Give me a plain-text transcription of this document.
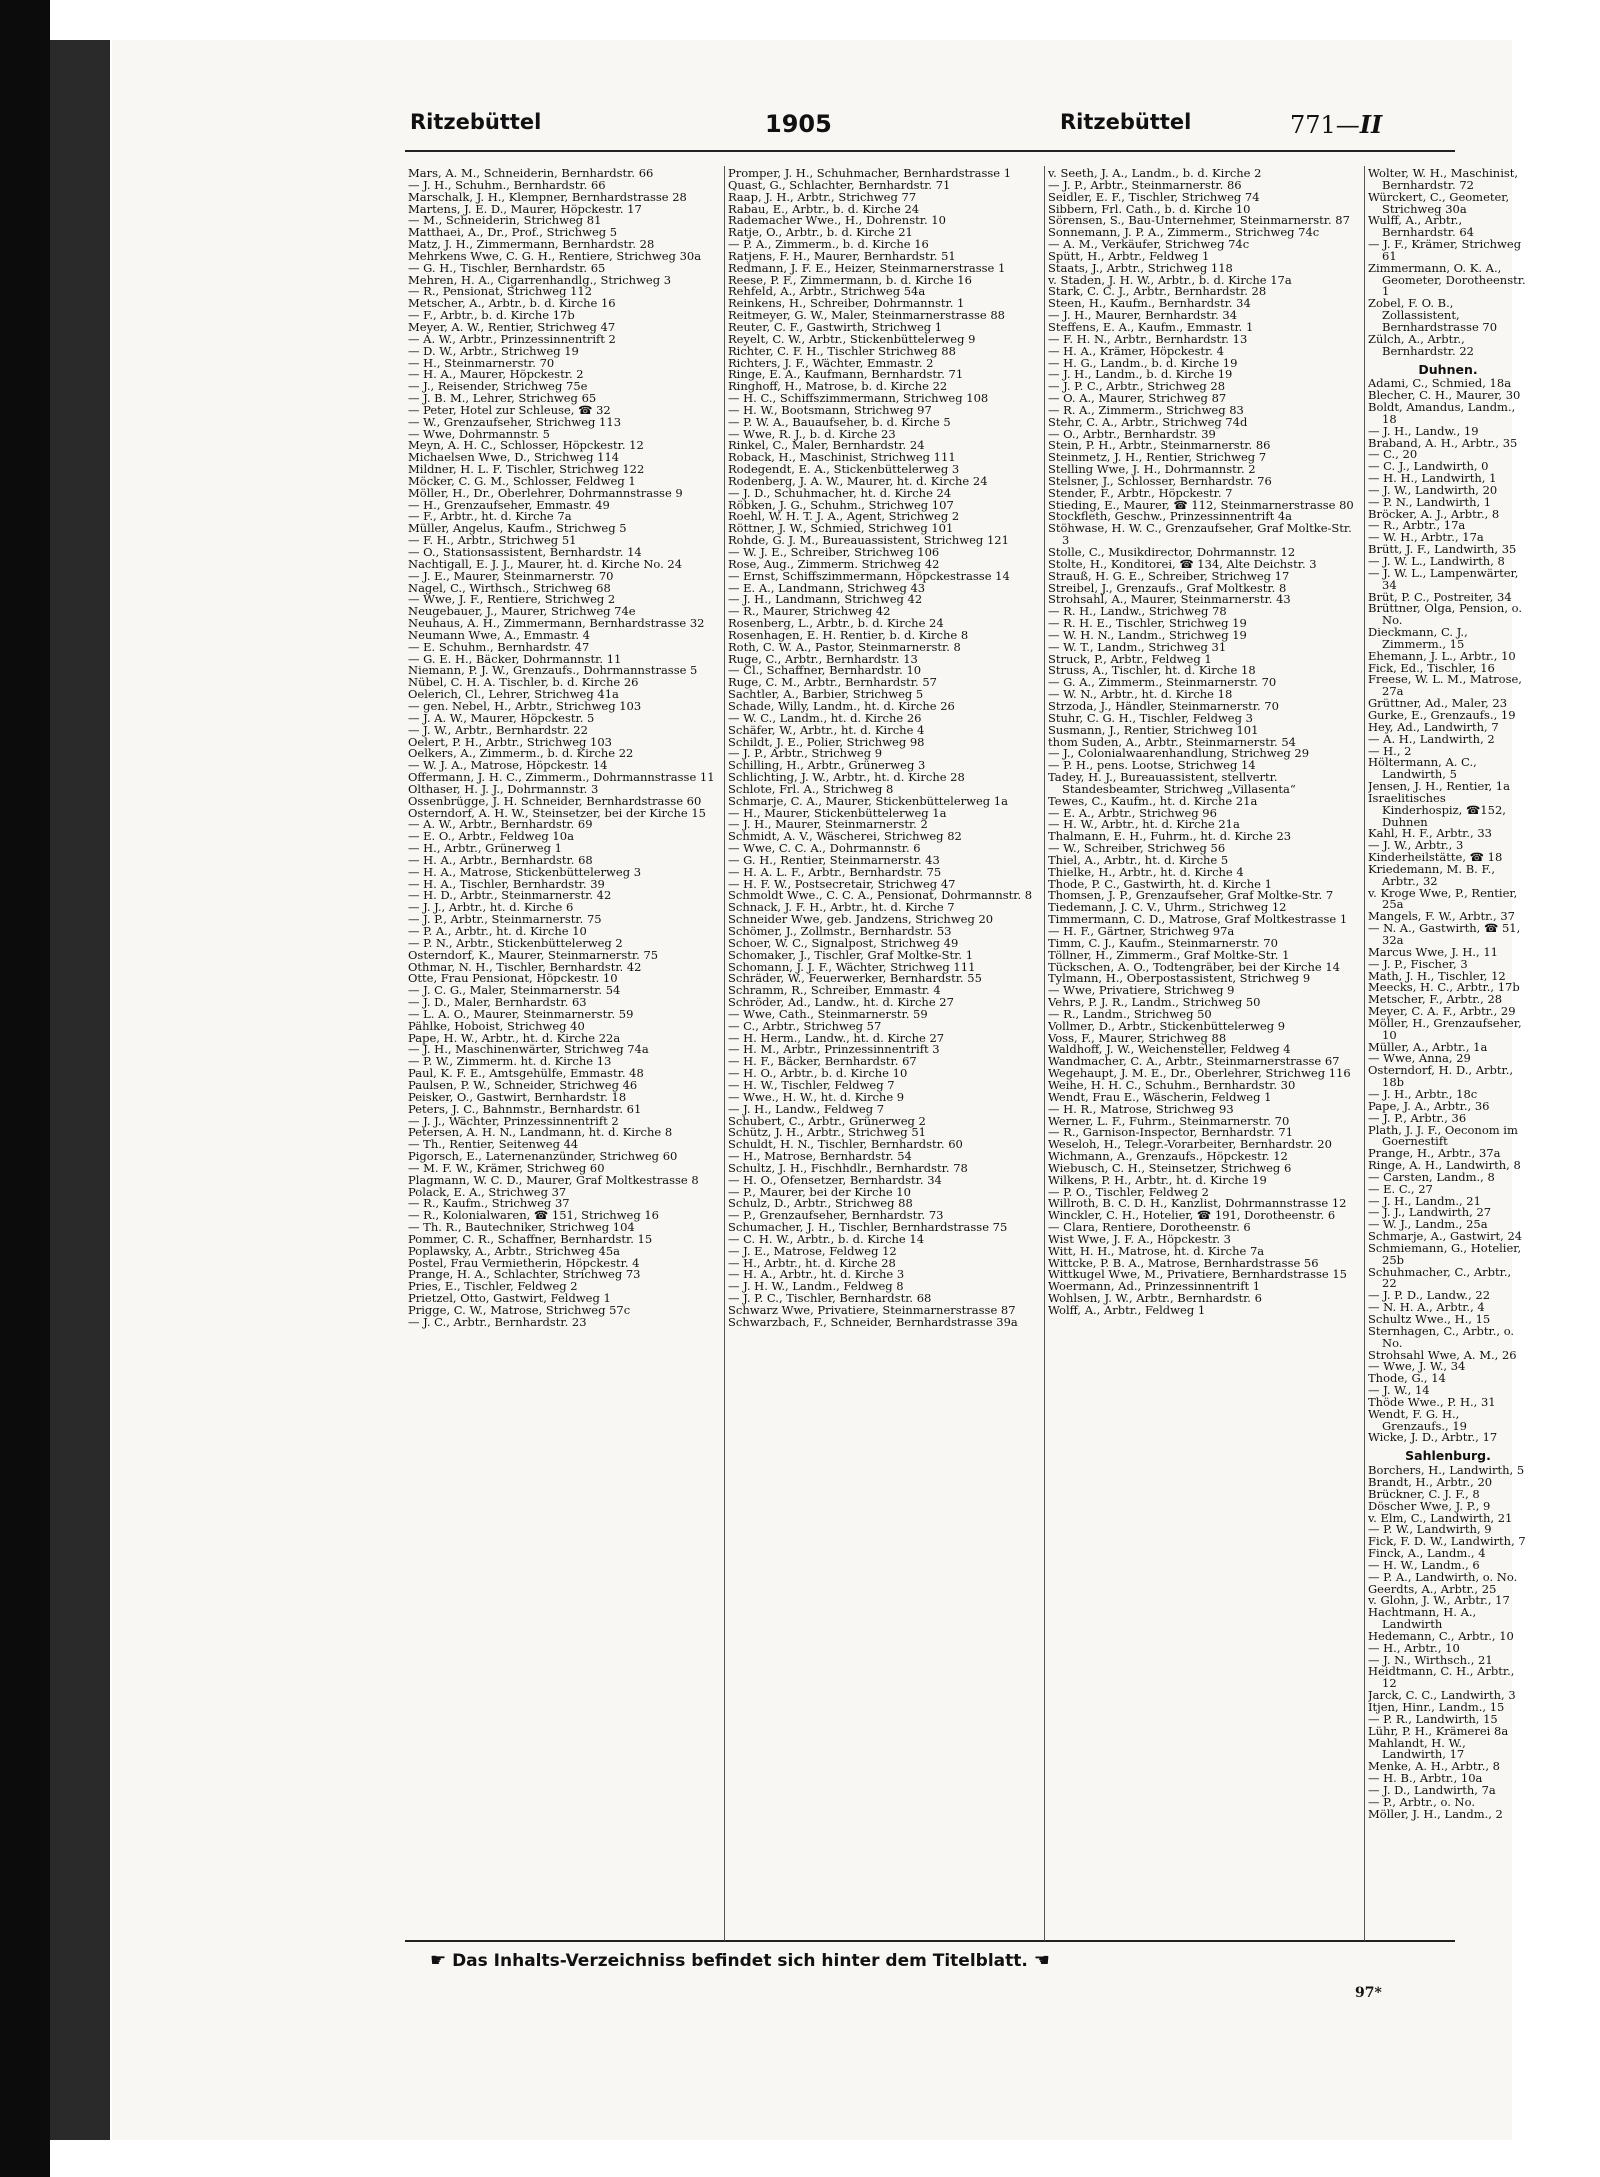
Ritzebüttel	1905	Ritzebüttel	771—II
Mars, A. M., Schneiderin, Bernhardstr. 66
— J. H., Schuhm., Bernhardstr. 66
Marschalk, J. H., Klempner, Bernhardstrasse 28
Martens, J. E. D., Maurer, Höpckestr. 17
— M., Schneiderin, Strichweg 81
Matthaei, A., Dr., Prof., Strichweg 5
Matz, J. H., Zimmermann, Bernhardstr. 28
Mehrkens Wwe, C. G. H., Rentiere, Strichweg 30a
— G. H., Tischler, Bernhardstr. 65
Mehren, H. A., Cigarrenhandlg., Strichweg 3
— R., Pensionat, Strichweg 112
Metscher, A., Arbtr., b. d. Kirche 16
— F., Arbtr., b. d. Kirche 17b
Meyer, A. W., Rentier, Strichweg 47
— A. W., Arbtr., Prinzessinnentrift 2
— D. W., Arbtr., Strichweg 19
— H., Steinmarnerstr. 70
— H. A., Maurer, Höpckestr. 2
— J., Reisender, Strichweg 75e
— J. B. M., Lehrer, Strichweg 65
— Peter, Hotel zur Schleuse, ☎ 32
— W., Grenzaufseher, Strichweg 113
— Wwe, Dohrmannstr. 5
Meyn, A. H. C., Schlosser, Höpckestr. 12
Michaelsen Wwe, D., Strichweg 114
Mildner, H. L. F. Tischler, Strichweg 122
Möcker, C. G. M., Schlosser, Feldweg 1
Möller, H., Dr., Oberlehrer, Dohrmannstrasse 9
— H., Grenzaufseher, Emmastr. 49
— F., Arbtr., ht. d. Kirche 7a
Müller, Angelus, Kaufm., Strichweg 5
— F. H., Arbtr., Strichweg 51
— O., Stationsassistent, Bernhardstr. 14
Nachtigall, E. J. J., Maurer, ht. d. Kirche No. 24
— J. E., Maurer, Steinmarnerstr. 70
Nagel, C., Wirthsch., Strichweg 68
— Wwe, J. F., Rentiere, Strichweg 2
Neugebauer, J., Maurer, Strichweg 74e
Neuhaus, A. H., Zimmermann, Bernhardstrasse 32
Neumann Wwe, A., Emmastr. 4
— E. Schuhm., Bernhardstr. 47
— G. E. H., Bäcker, Dohrmannstr. 11
Niemann, P. J. W., Grenzaufs., Dohrmannstrasse 5
Nübel, C. H. A. Tischler, b. d. Kirche 26
Oelerich, Cl., Lehrer, Strichweg 41a
— gen. Nebel, H., Arbtr., Strichweg 103
— J. A. W., Maurer, Höpckestr. 5
— J. W., Arbtr., Bernhardstr. 22
Oelert, P. H., Arbtr., Strichweg 103
Oelkers, A., Zimmerm., b. d. Kirche 22
— W. J. A., Matrose, Höpckestr. 14
Offermann, J. H. C., Zimmerm., Dohrmannstrasse 11
Olthaser, H. J. J., Dohrmannstr. 3
Ossenbrügge, J. H. Schneider, Bernhardstrasse 60
Osterndorf, A. H. W., Steinsetzer, bei der Kirche 15
— A. W., Arbtr., Bernhardstr. 69
— E. O., Arbtr., Feldweg 10a
— H., Arbtr., Grünerweg 1
— H. A., Arbtr., Bernhardstr. 68
— H. A., Matrose, Stickenbüttelerweg 3
— H. A., Tischler, Bernhardstr. 39
— H. D., Arbtr., Steinmarnerstr. 42
— J. J., Arbtr., ht. d. Kirche 6
— J. P., Arbtr., Steinmarnerstr. 75
— P. A., Arbtr., ht. d. Kirche 10
— P. N., Arbtr., Stickenbüttelerweg 2
Osterndorf, K., Maurer, Steinmarnerstr. 75
Othmar, N. H., Tischler, Bernhardstr. 42
Otte, Frau Pensionat, Höpckestr. 10
— J. C. G., Maler, Steinmarnerstr. 54
— J. D., Maler, Bernhardstr. 63
— L. A. O., Maurer, Steinmarnerstr. 59
Pählke, Hoboist, Strichweg 40
Pape, H. W., Arbtr., ht. d. Kirche 22a
— J. H., Maschinenwärter, Strichweg 74a
— P. W., Zimmerm. ht. d. Kirche 13
Paul, K. F. E., Amtsgehülfe, Emmastr. 48
Paulsen, P. W., Schneider, Strichweg 46
Peisker, O., Gastwirt, Bernhardstr. 18
Peters, J. C., Bahnmstr., Bernhardstr. 61
— J. J., Wächter, Prinzessinnentrift 2
Petersen, A. H. N., Landmann, ht. d. Kirche 8
— Th., Rentier, Seitenweg 44
Pigorsch, E., Laternenanzünder, Strichweg 60
— M. F. W., Krämer, Strichweg 60
Plagmann, W. C. D., Maurer, Graf Moltkestrasse 8
Polack, E. A., Strichweg 37
— R., Kaufm., Strichweg 37
— R., Kolonialwaren, ☎ 151, Strichweg 16
— Th. R., Bautechniker, Strichweg 104
Pommer, C. R., Schaffner, Bernhardstr. 15
Poplawsky, A., Arbtr., Strichweg 45a
Postel, Frau Vermietherin, Höpckestr. 4
Prange, H. A., Schlachter, Strichweg 73
Pries, E., Tischler, Feldweg 2
Prietzel, Otto, Gastwirt, Feldweg 1
Prigge, C. W., Matrose, Strichweg 57c
— J. C., Arbtr., Bernhardstr. 23
Promper, J. H., Schuhmacher, Bernhardstrasse 1
Quast, G., Schlachter, Bernhardstr. 71
Raap, J. H., Arbtr., Strichweg 77
Rabau, E., Arbtr., b. d. Kirche 24
Rademacher Wwe., H., Dohrenstr. 10
Ratje, O., Arbtr., b. d. Kirche 21
— P. A., Zimmerm., b. d. Kirche 16
Ratjens, F. H., Maurer, Bernhardstr. 51
Redmann, J. F. E., Heizer, Steinmarnerstrasse 1
Reese, P. F., Zimmermann, b. d. Kirche 16
Rehfeld, A., Arbtr., Strichweg 54a
Reinkens, H., Schreiber, Dohrmannstr. 1
Reitmeyer, G. W., Maler, Steinmarnerstrasse 88
Reuter, C. F., Gastwirth, Strichweg 1
Reyelt, C. W., Arbtr., Stickenbüttelerweg 9
Richter, C. F. H., Tischler Strichweg 88
Richters, J. F., Wächter, Emmastr. 2
Ringe, E. A., Kaufmann, Bernhardstr. 71
Ringhoff, H., Matrose, b. d. Kirche 22
— H. C., Schiffszimmermann, Strichweg 108
— H. W., Bootsmann, Strichweg 97
— P. W. A., Bauaufseher, b. d. Kirche 5
— Wwe, R. J., b. d. Kirche 23
Rinkel, C., Maler, Bernhardstr. 24
Roback, H., Maschinist, Strichweg 111
Rodegendt, E. A., Stickenbüttelerweg 3
Rodenberg, J. A. W., Maurer, ht. d. Kirche 24
— J. D., Schuhmacher, ht. d. Kirche 24
Röbken, J. G., Schuhm., Strichweg 107
Roehl, W. H. T. J. A., Agent, Strichweg 2
Röttner, J. W., Schmied, Strichweg 101
Rohde, G. J. M., Bureauassistent, Strichweg 121
— W. J. E., Schreiber, Strichweg 106
Rose, Aug., Zimmerm. Strichweg 42
— Ernst, Schiffszimmermann, Höpckestrasse 14
— E. A., Landmann, Strichweg 43
— J. H., Landmann, Strichweg 42
— R., Maurer, Strichweg 42
Rosenberg, L., Arbtr., b. d. Kirche 24
Rosenhagen, E. H. Rentier, b. d. Kirche 8
Roth, C. W. A., Pastor, Steinmarnerstr. 8
Ruge, C., Arbtr., Bernhardstr. 13
— Cl., Schaffner, Bernhardstr. 10
Ruge, C. M., Arbtr., Bernhardstr. 57
Sachtler, A., Barbier, Strichweg 5
Schade, Willy, Landm., ht. d. Kirche 26
— W. C., Landm., ht. d. Kirche 26
Schäfer, W., Arbtr., ht. d. Kirche 4
Schildt, J. E., Polier, Strichweg 98
— J. P., Arbtr., Strichweg 9
Schilling, H., Arbtr., Grünerweg 3
Schlichting, J. W., Arbtr., ht. d. Kirche 28
Schlote, Frl. A., Strichweg 8
Schmarje, C. A., Maurer, Stickenbüttelerweg 1a
— H., Maurer, Stickenbüttelerweg 1a
— J. H., Maurer, Steinmarnerstr. 2
Schmidt, A. V., Wäscherei, Strichweg 82
— Wwe, C. C. A., Dohrmannstr. 6
— G. H., Rentier, Steinmarnerstr. 43
— H. A. L. F., Arbtr., Bernhardstr. 75
— H. F. W., Postsecretair, Strichweg 47
Schmoldt Wwe., C. C. A., Pensionat, Dohrmannstr. 8
Schnack, J. F. H., Arbtr., ht. d. Kirche 7
Schneider Wwe, geb. Jandzens, Strichweg 20
Schömer, J., Zollmstr., Bernhardstr. 53
Schoer, W. C., Signalpost, Strichweg 49
Schomaker, J., Tischler, Graf Moltke-Str. 1
Schomann, J. J. F., Wächter, Strichweg 111
Schräder, W., Feuerwerker, Bernhardstr. 55
Schramm, R., Schreiber, Emmastr. 4
Schröder, Ad., Landw., ht. d. Kirche 27
— Wwe, Cath., Steinmarnerstr. 59
— C., Arbtr., Strichweg 57
— H. Herm., Landw., ht. d. Kirche 27
— H. M., Arbtr., Prinzessinnentrift 3
— H. F., Bäcker, Bernhardstr. 67
— H. O., Arbtr., b. d. Kirche 10
— H. W., Tischler, Feldweg 7
— Wwe., H. W., ht. d. Kirche 9
— J. H., Landw., Feldweg 7
Schubert, C., Arbtr., Grünerweg 2
Schütz, J. H., Arbtr., Strichweg 51
Schuldt, H. N., Tischler, Bernhardstr. 60
— H., Matrose, Bernhardstr. 54
Schultz, J. H., Fischhdlr., Bernhardstr. 78
— H. O., Ofensetzer, Bernhardstr. 34
— P., Maurer, bei der Kirche 10
Schulz, D., Arbtr., Strichweg 88
— P., Grenzaufseher, Bernhardstr. 73
Schumacher, J. H., Tischler, Bernhardstrasse 75
— C. H. W., Arbtr., b. d. Kirche 14
— J. E., Matrose, Feldweg 12
— H., Arbtr., ht. d. Kirche 28
— H. A., Arbtr., ht. d. Kirche 3
— J. H. W., Landm., Feldweg 8
— J. P. C., Tischler, Bernhardstr. 68
Schwarz Wwe, Privatiere, Steinmarnerstrasse 87
Schwarzbach, F., Schneider, Bernhardstrasse 39a
v. Seeth, J. A., Landm., b. d. Kirche 2
— J. P., Arbtr., Steinmarnerstr. 86
Seidler, E. F., Tischler, Strichweg 74
Sibbern, Frl. Cath., b. d. Kirche 10
Sörensen, S., Bau-Unternehmer, Steinmarnerstr. 87
Sonnemann, J. P. A., Zimmerm., Strichweg 74c
— A. M., Verkäufer, Strichweg 74c
Spütt, H., Arbtr., Feldweg 1
Staats, J., Arbtr., Strichweg 118
v. Staden, J. H. W., Arbtr., b. d. Kirche 17a
Stark, C. C. J., Arbtr., Bernhardstr. 28
Steen, H., Kaufm., Bernhardstr. 34
— J. H., Maurer, Bernhardstr. 34
Steffens, E. A., Kaufm., Emmastr. 1
— F. H. N., Arbtr., Bernhardstr. 13
— H. A., Krämer, Höpckestr. 4
— H. G., Landm., b. d. Kirche 19
— J. H., Landm., b. d. Kirche 19
— J. P. C., Arbtr., Strichweg 28
— O. A., Maurer, Strichweg 87
— R. A., Zimmerm., Strichweg 83
Stehr, C. A., Arbtr., Strichweg 74d
— O., Arbtr., Bernhardstr. 39
Stein, P. H., Arbtr., Steinmarnerstr. 86
Steinmetz, J. H., Rentier, Strichweg 7
Stelling Wwe, J. H., Dohrmannstr. 2
Stelsner, J., Schlosser, Bernhardstr. 76
Stender, F., Arbtr., Höpckestr. 7
Stieding, E., Maurer, ☎ 112, Steinmarnerstrasse 80
Stockfleth, Geschw., Prinzessinnentrift 4a
Stöhwase, H. W. C., Grenzaufseher, Graf Moltke-Str. 3
Stolle, C., Musikdirector, Dohrmannstr. 12
Stolte, H., Konditorei, ☎ 134, Alte Deichstr. 3
Strauß, H. G. E., Schreiber, Strichweg 17
Streibel, J., Grenzaufs., Graf Moltkestr. 8
Strohsahl, A., Maurer, Steinmarnerstr. 43
— R. H., Landw., Strichweg 78
— R. H. E., Tischler, Strichweg 19
— W. H. N., Landm., Strichweg 19
— W. T., Landm., Strichweg 31
Struck, P., Arbtr., Feldweg 1
Struss, A., Tischler, ht. d. Kirche 18
— G. A., Zimmerm., Steinmarnerstr. 70
— W. N., Arbtr., ht. d. Kirche 18
Strzoda, J., Händler, Steinmarnerstr. 70
Stuhr, C. G. H., Tischler, Feldweg 3
Susmann, J., Rentier, Strichweg 101
thom Suden, A., Arbtr., Steinmarnerstr. 54
— J., Colonialwaarenhandlung, Strichweg 29
— P. H., pens. Lootse, Strichweg 14
Tadey, H. J., Bureauassistent, stellvertr. Standesbeamter, Strichweg „Villasenta“
Tewes, C., Kaufm., ht. d. Kirche 21a
— E. A., Arbtr., Strichweg 96
— H. W., Arbtr., ht. d. Kirche 21a
Thalmann, E. H., Fuhrm., ht. d. Kirche 23
— W., Schreiber, Strichweg 56
Thiel, A., Arbtr., ht. d. Kirche 5
Thielke, H., Arbtr., ht. d. Kirche 4
Thode, P. C., Gastwirth, ht. d. Kirche 1
Thomsen, J. P., Grenzaufseher, Graf Moltke-Str. 7
Tiedemann, J. C. V., Uhrm., Strichweg 12
Timmermann, C. D., Matrose, Graf Moltkestrasse 1
— H. F., Gärtner, Strichweg 97a
Timm, C. J., Kaufm., Steinmarnerstr. 70
Töllner, H., Zimmerm., Graf Moltke-Str. 1
Tückschen, A. O., Todtengräber, bei der Kirche 14
Tylmann, H., Oberpostassistent, Strichweg 9
— Wwe, Privatiere, Strichweg 9
Vehrs, P. J. R., Landm., Strichweg 50
— R., Landm., Strichweg 50
Vollmer, D., Arbtr., Stickenbüttelerweg 9
Voss, F., Maurer, Strichweg 88
Waldhoff, J. W., Weichensteller, Feldweg 4
Wandmacher, C. A., Arbtr., Steinmarnerstrasse 67
Wegehaupt, J. M. E., Dr., Oberlehrer, Strichweg 116
Weihe, H. H. C., Schuhm., Bernhardstr. 30
Wendt, Frau E., Wäscherin, Feldweg 1
— H. R., Matrose, Strichweg 93
Werner, L. F., Fuhrm., Steinmarnerstr. 70
— R., Garnison-Inspector, Bernhardstr. 71
Weseloh, H., Telegr.-Vorarbeiter, Bernhardstr. 20
Wichmann, A., Grenzaufs., Höpckestr. 12
Wiebusch, C. H., Steinsetzer, Strichweg 6
Wilkens, P. H., Arbtr., ht. d. Kirche 19
— P. O., Tischler, Feldweg 2
Willroth, B. C. D. H., Kanzlist, Dohrmannstrasse 12
Winckler, C. H., Hotelier, ☎ 191, Dorotheenstr. 6
— Clara, Rentiere, Dorotheenstr. 6
Wist Wwe, J. F. A., Höpckestr. 3
Witt, H. H., Matrose, ht. d. Kirche 7a
Wittcke, P. B. A., Matrose, Bernhardstrasse 56
Wittkugel Wwe, M., Privatiere, Bernhardstrasse 15
Woermann, Ad., Prinzessinnentrift 1
Wohlsen, J. W., Arbtr., Bernhardstr. 6
Wolff, A., Arbtr., Feldweg 1
Wolter, W. H., Maschinist, Bernhardstr. 72
Würckert, C., Geometer, Strichweg 30a
Wulff, A., Arbtr., Bernhardstr. 64
— J. F., Krämer, Strichweg 61
Zimmermann, O. K. A., Geometer, Dorotheenstr. 1
Zobel, F. O. B., Zollassistent, Bernhardstrasse 70
Zülch, A., Arbtr., Bernhardstr. 22
Duhnen.
Adami, C., Schmied, 18a
Blecher, C. H., Maurer, 30
Boldt, Amandus, Landm., 18
— J. H., Landw., 19
Braband, A. H., Arbtr., 35
— C., 20
— C. J., Landwirth, 0
— H. H., Landwirth, 1
— J. W., Landwirth, 20
— P. N., Landwirth, 1
Bröcker, A. J., Arbtr., 8
— R., Arbtr., 17a
— W. H., Arbtr., 17a
Brütt, J. F., Landwirth, 35
— J. W. L., Landwirth, 8
— J. W. L., Lampenwärter, 34
Brüt, P. C., Postreiter, 34
Brüttner, Olga, Pension, o. No.
Dieckmann, C. J., Zimmerm., 15
Ehemann, J. L., Arbtr., 10
Fick, Ed., Tischler, 16
Freese, W. L. M., Matrose, 27a
Grüttner, Ad., Maler, 23
Gurke, E., Grenzaufs., 19
Hey, Ad., Landwirth, 7
— A. H., Landwirth, 2
— H., 2
Höltermann, A. C., Landwirth, 5
Jensen, J. H., Rentier, 1a
Israelitisches Kinderhospiz, ☎152, Duhnen
Kahl, H. F., Arbtr., 33
— J. W., Arbtr., 3
Kinderheilstätte, ☎ 18
Kriedemann, M. B. F., Arbtr., 32
v. Kroge Wwe, P., Rentier, 25a
Mangels, F. W., Arbtr., 37
— N. A., Gastwirth, ☎ 51, 32a
Marcus Wwe, J. H., 11
— J. P., Fischer, 3
Math, J. H., Tischler, 12
Meecks, H. C., Arbtr., 17b
Metscher, F., Arbtr., 28
Meyer, C. A. F., Arbtr., 29
Möller, H., Grenzaufseher, 10
Müller, A., Arbtr., 1a
— Wwe, Anna, 29
Osterndorf, H. D., Arbtr., 18b
— J. H., Arbtr., 18c
Pape, J. A., Arbtr., 36
— J. P., Arbtr., 36
Plath, J. J. F., Oeconom im Goernestift
Prange, H., Arbtr., 37a
Ringe, A. H., Landwirth, 8
— Carsten, Landm., 8
— E. C., 27
— J. H., Landm., 21
— J. J., Landwirth, 27
— W. J., Landm., 25a
Schmarje, A., Gastwirt, 24
Schmiemann, G., Hotelier, 25b
Schuhmacher, C., Arbtr., 22
— J. P. D., Landw., 22
— N. H. A., Arbtr., 4
Schultz Wwe., H., 15
Sternhagen, C., Arbtr., o. No.
Strohsahl Wwe, A. M., 26
— Wwe, J. W., 34
Thode, G., 14
— J. W., 14
Thöde Wwe., P. H., 31
Wendt, F. G. H., Grenzaufs., 19
Wicke, J. D., Arbtr., 17
Sahlenburg.
Borchers, H., Landwirth, 5
Brandt, H., Arbtr., 20
Brückner, C. J. F., 8
Döscher Wwe, J. P., 9
v. Elm, C., Landwirth, 21
— P. W., Landwirth, 9
Fick, F. D. W., Landwirth, 7
Finck, A., Landm., 4
— H. W., Landm., 6
— P. A., Landwirth, o. No.
Geerdts, A., Arbtr., 25
v. Glohn, J. W., Arbtr., 17
Hachtmann, H. A., Landwirth
Hedemann, C., Arbtr., 10
— H., Arbtr., 10
— J. N., Wirthsch., 21
Heidtmann, C. H., Arbtr., 12
Jarck, C. C., Landwirth, 3
Itjen, Hinr., Landm., 15
— P. R., Landwirth, 15
Lühr, P. H., Krämerei 8a
Mahlandt, H. W., Landwirth, 17
Menke, A. H., Arbtr., 8
— H. B., Arbtr., 10a
— J. D., Landwirth, 7a
— P., Arbtr., o. No.
Möller, J. H., Landm., 2
☛ Das Inhalts-Verzeichniss befindet sich hinter dem Titelblatt. ☚
97*
